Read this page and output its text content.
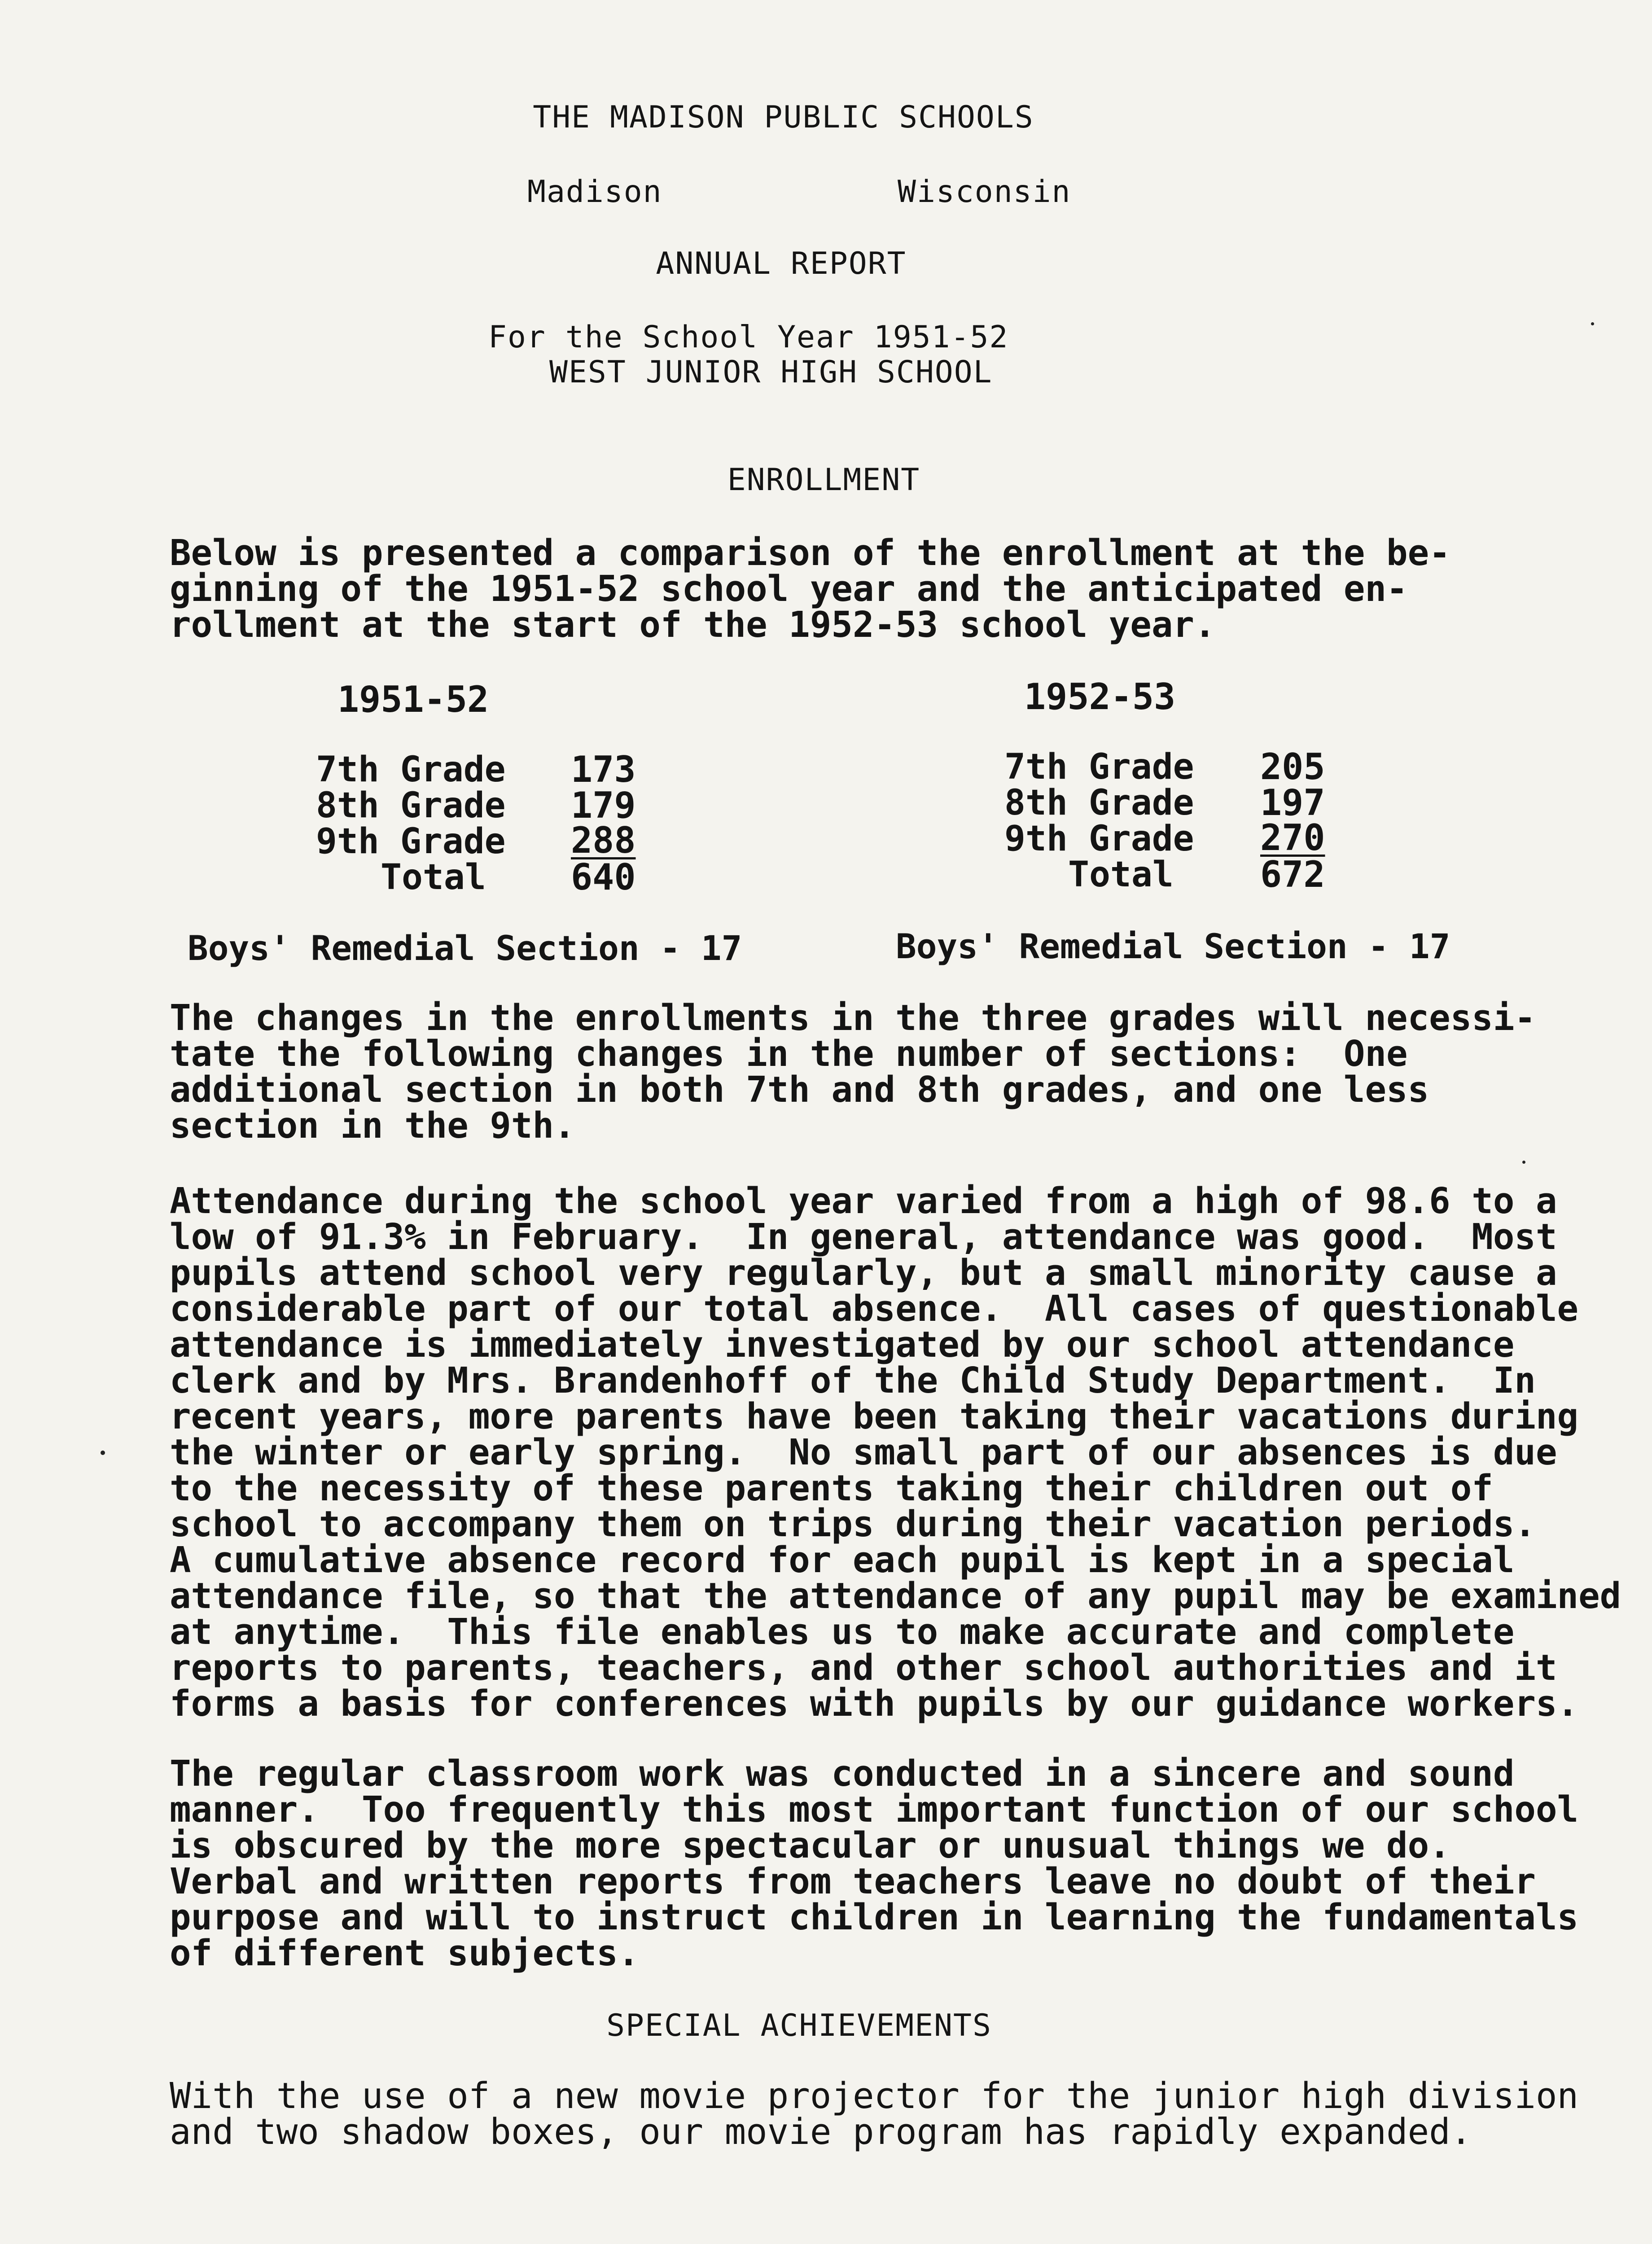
THE MADISON PUBLIC SCHOOLS
Madison	Wisconsin
ANNUAL REPORT
For the School Year 1951-52
WEST JUNIOR HIGH SCHOOL
ENROLLMENT
Below is presented a comparison of the enrollment at the be-
ginning of the 1951-52 school year and the anticipated en-
rollment at the start of the 1952-53 school year.
1951-52
7th Grade 173
8th Grade 179
9th Grade 288
Total 640
1952-53
7th Grade 205
8th Grade 197
9th Grade 270
Total 672
Boys' Remedial Section - 17	Boys' Remedial Section - 17
The changes in the enrollments in the three grades will necessi-
tate the following changes in the number of sections:  One
additional section in both 7th and 8th grades, and one less
section in the 9th.
Attendance during the school year varied from a high of 98.6 to a
low of 91.3% in February.  In general, attendance was good.  Most
pupils attend school very regularly, but a small minority cause a
considerable part of our total absence.  All cases of questionable
attendance is immediately investigated by our school attendance
clerk and by Mrs. Brandenhoff of the Child Study Department.  In
recent years, more parents have been taking their vacations during
the winter or early spring.  No small part of our absences is due
to the necessity of these parents taking their children out of
school to accompany them on trips during their vacation periods.
A cumulative absence record for each pupil is kept in a special
attendance file, so that the attendance of any pupil may be examined
at anytime.  This file enables us to make accurate and complete
reports to parents, teachers, and other school authorities and it
forms a basis for conferences with pupils by our guidance workers.
The regular classroom work was conducted in a sincere and sound
manner.  Too frequently this most important function of our school
is obscured by the more spectacular or unusual things we do.
Verbal and written reports from teachers leave no doubt of their
purpose and will to instruct children in learning the fundamentals
of different subjects.
SPECIAL ACHIEVEMENTS
With the use of a new movie projector for the junior high division
and two shadow boxes, our movie program has rapidly expanded.
